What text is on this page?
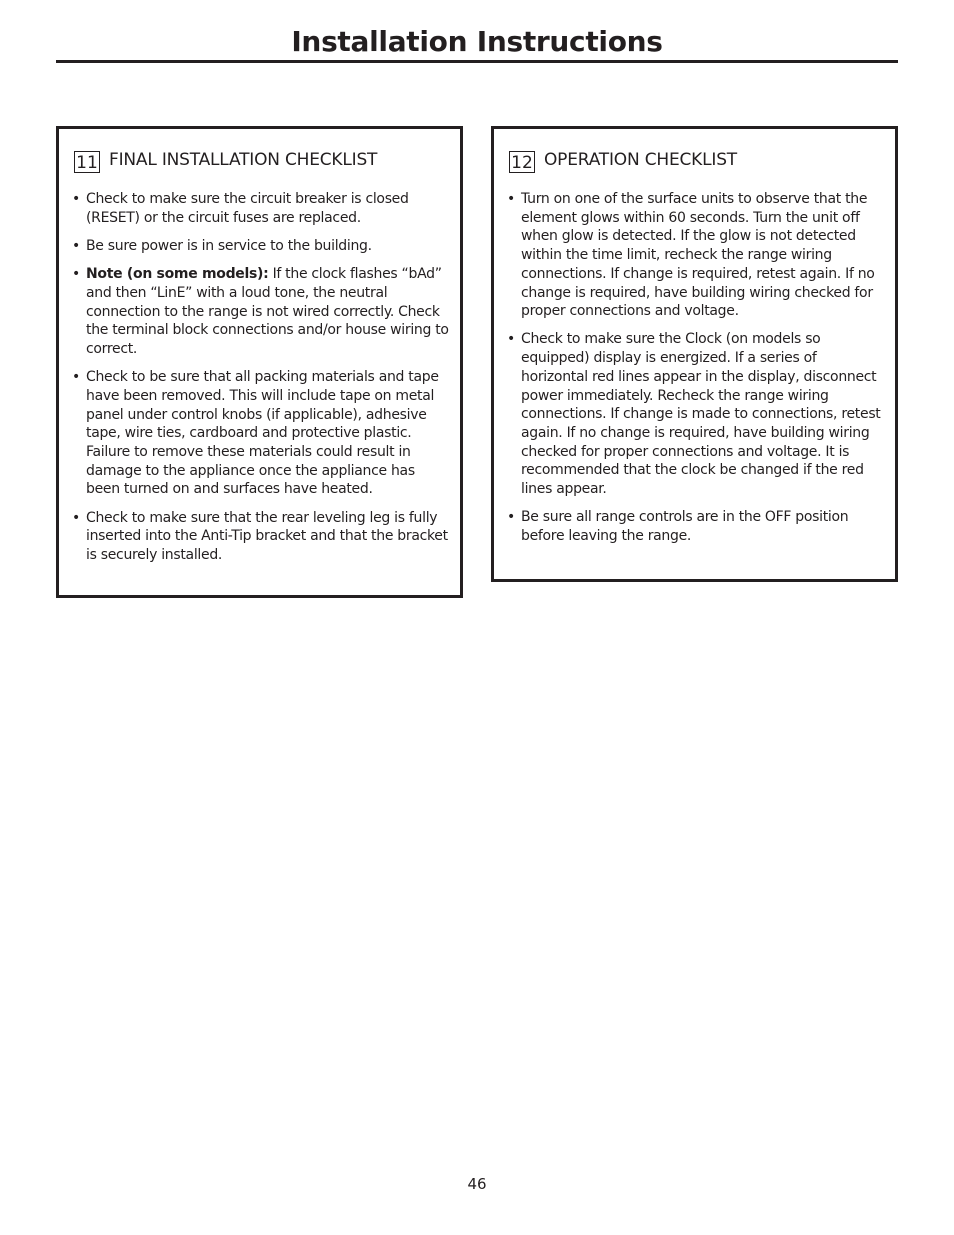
Installation Instructions
11 FINAL INSTALLATION CHECKLIST
• Check to make sure the circuit breaker is closed (RESET) or the circuit fuses are replaced.
• Be sure power is in service to the building.
• Note (on some models): If the clock flashes “bAd” and then “LinE” with a loud tone, the neutral connection to the range is not wired correctly. Check the terminal block connections and/or house wiring to correct.
• Check to be sure that all packing materials and tape have been removed. This will include tape on metal panel under control knobs (if applicable), adhesive tape, wire ties, cardboard and protective plastic. Failure to remove these materials could result in damage to the appliance once the appliance has been turned on and surfaces have heated.
• Check to make sure that the rear leveling leg is fully inserted into the Anti-Tip bracket and that the bracket is securely installed.
12 OPERATION CHECKLIST
• Turn on one of the surface units to observe that the element glows within 60 seconds. Turn the unit off when glow is detected. If the glow is not detected within the time limit, recheck the range wiring connections. If change is required, retest again. If no change is required, have building wiring checked for proper connections and voltage.
• Check to make sure the Clock (on models so equipped) display is energized. If a series of horizontal red lines appear in the display, disconnect power immediately. Recheck the range wiring connections. If change is made to connections, retest again. If no change is required, have building wiring checked for proper connections and voltage. It is recommended that the clock be changed if the red lines appear.
• Be sure all range controls are in the OFF position before leaving the range.
46
